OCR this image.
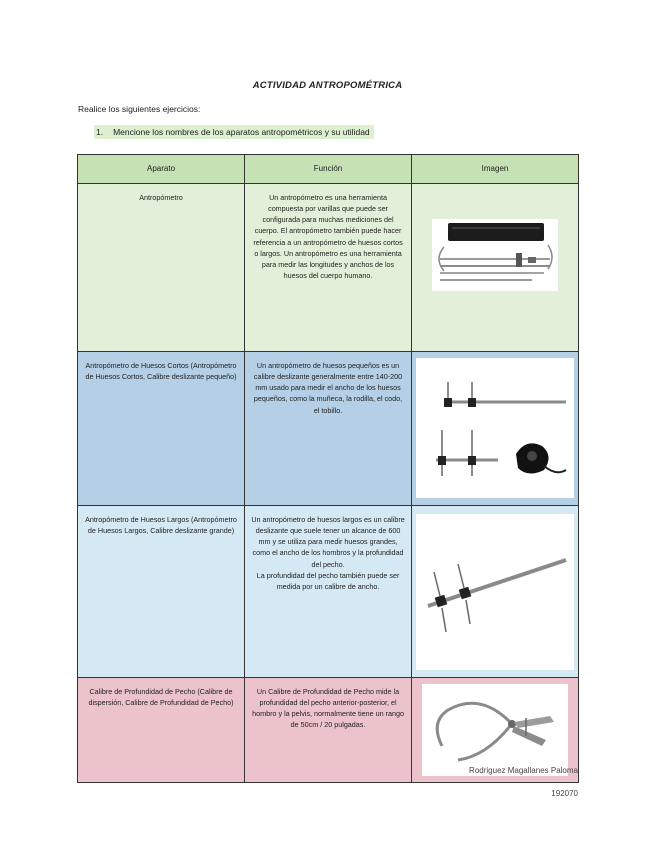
ACTIVIDAD ANTROPOMÉTRICA
Realice los siguientes ejercicios:
1. Mencione los nombres de los aparatos antropométricos y su utilidad
Aparato	Función	Imagen

Antropómetro	Un antropómetro es una herramienta compuesta por varillas que puede ser configurada para muchas mediciones del cuerpo. El antropómetro también puede hacer referencia a un antropómetro de huesos cortos o largos. Un antropómetro es una herramienta para medir las longitudes y anchos de los huesos del cuerpo humano.

Antropómetro de Huesos Cortos (Antropómetro de Huesos Cortos, Calibre deslizante pequeño)	Un antropómetro de huesos pequeños es un calibre deslizante generalmente entre 140-200 mm usado para medir el ancho de los huesos pequeños, como la muñeca, la rodilla, el codo, el tobillo.

Antropómetro de Huesos Largos (Antropómetro de Huesos Largos, Calibre deslizante grande)	Un antropómetro de huesos largos es un calibre deslizante que suele tener un alcance de 600 mm y se utiliza para medir huesos grandes, como el ancho de los hombros y la profundidad del pecho.
La profundidad del pecho también puede ser medida por un calibre de ancho.

Calibre de Profundidad de Pecho (Calibre de dispersión, Calibre de Profundidad de Pecho)	Un Calibre de Profundidad de Pecho mide la profundidad del pecho anterior-posterior, el hombro y la pelvis, normalmente tiene un rango de 50cm / 20 pulgadas.

Rodriguez Magallanes Paloma
192070
